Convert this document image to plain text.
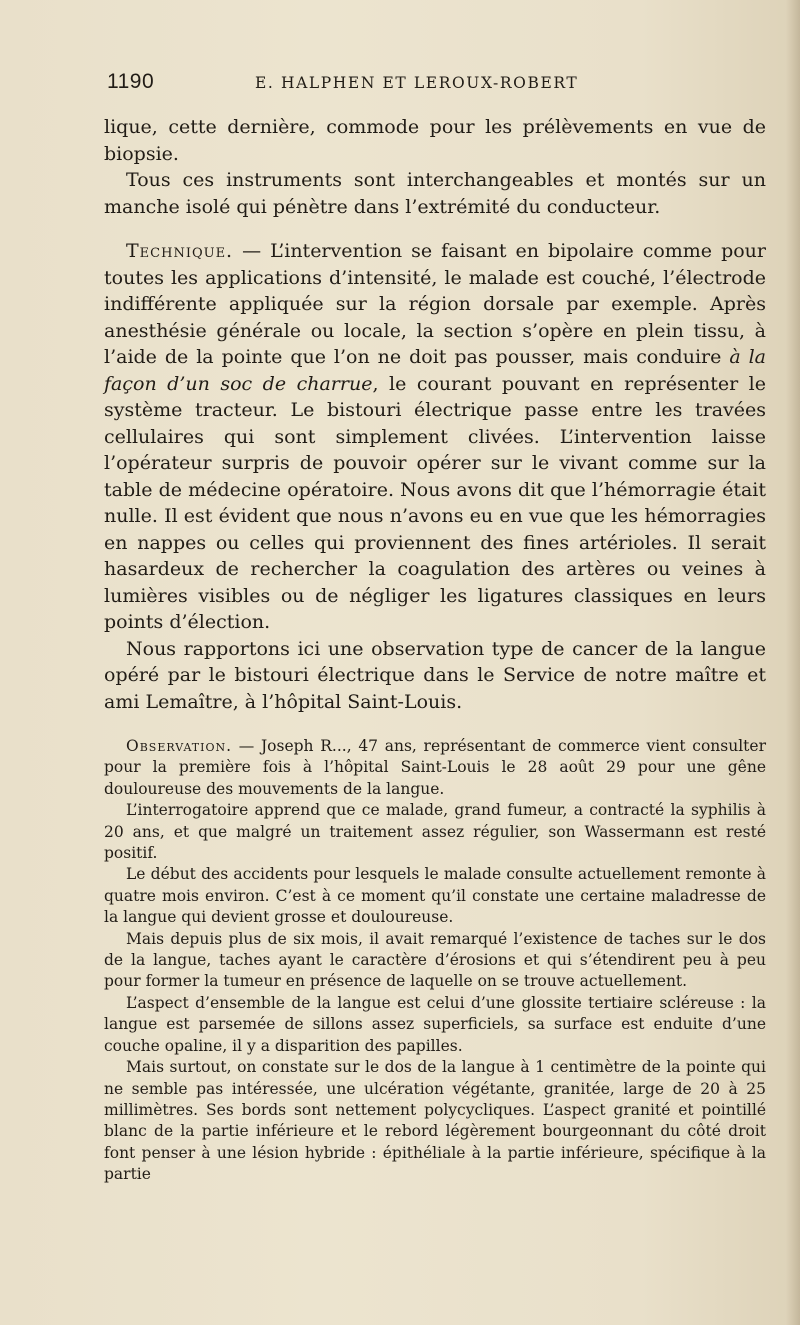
1190	E. HALPHEN ET LEROUX-ROBERT

lique, cette dernière, commode pour les prélèvements en vue de biopsie.

Tous ces instruments sont interchangeables et montés sur un manche isolé qui pénètre dans l’extrémité du conducteur.

Technique. — L’intervention se faisant en bipolaire comme pour toutes les applications d’intensité, le malade est couché, l’électrode indifférente appliquée sur la région dorsale par exemple. Après anesthésie générale ou locale, la section s’opère en plein tissu, à l’aide de la pointe que l’on ne doit pas pousser, mais conduire à la façon d’un soc de charrue, le courant pouvant en représenter le système tracteur. Le bistouri électrique passe entre les travées cellulaires qui sont simplement clivées. L’intervention laisse l’opérateur surpris de pouvoir opérer sur le vivant comme sur la table de médecine opératoire. Nous avons dit que l’hémorragie était nulle. Il est évident que nous n’avons eu en vue que les hémorragies en nappes ou celles qui proviennent des fines artérioles. Il serait hasardeux de rechercher la coagulation des artères ou veines à lumières visibles ou de négliger les ligatures classiques en leurs points d’élection.

Nous rapportons ici une observation type de cancer de la langue opéré par le bistouri électrique dans le Service de notre maître et ami Lemaître, à l’hôpital Saint-Louis.

Observation. — Joseph R..., 47 ans, représentant de commerce vient consulter pour la première fois à l’hôpital Saint-Louis le 28 août 29 pour une gêne douloureuse des mouvements de la langue.

L’interrogatoire apprend que ce malade, grand fumeur, a contracté la syphilis à 20 ans, et que malgré un traitement assez régulier, son Wassermann est resté positif.

Le début des accidents pour lesquels le malade consulte actuellement remonte à quatre mois environ. C’est à ce moment qu’il constate une certaine maladresse de la langue qui devient grosse et douloureuse.

Mais depuis plus de six mois, il avait remarqué l’existence de taches sur le dos de la langue, taches ayant le caractère d’érosions et qui s’étendirent peu à peu pour former la tumeur en présence de laquelle on se trouve actuellement.

L’aspect d’ensemble de la langue est celui d’une glossite tertiaire scléreuse : la langue est parsemée de sillons assez superficiels, sa surface est enduite d’une couche opaline, il y a disparition des papilles.

Mais surtout, on constate sur le dos de la langue à 1 centimètre de la pointe qui ne semble pas intéressée, une ulcération végétante, granitée, large de 20 à 25 millimètres. Ses bords sont nettement polycycliques. L’aspect granité et pointillé blanc de la partie inférieure et le rebord légèrement bourgeonnant du côté droit font penser à une lésion hybride : épithéliale à la partie inférieure, spécifique à la partie
